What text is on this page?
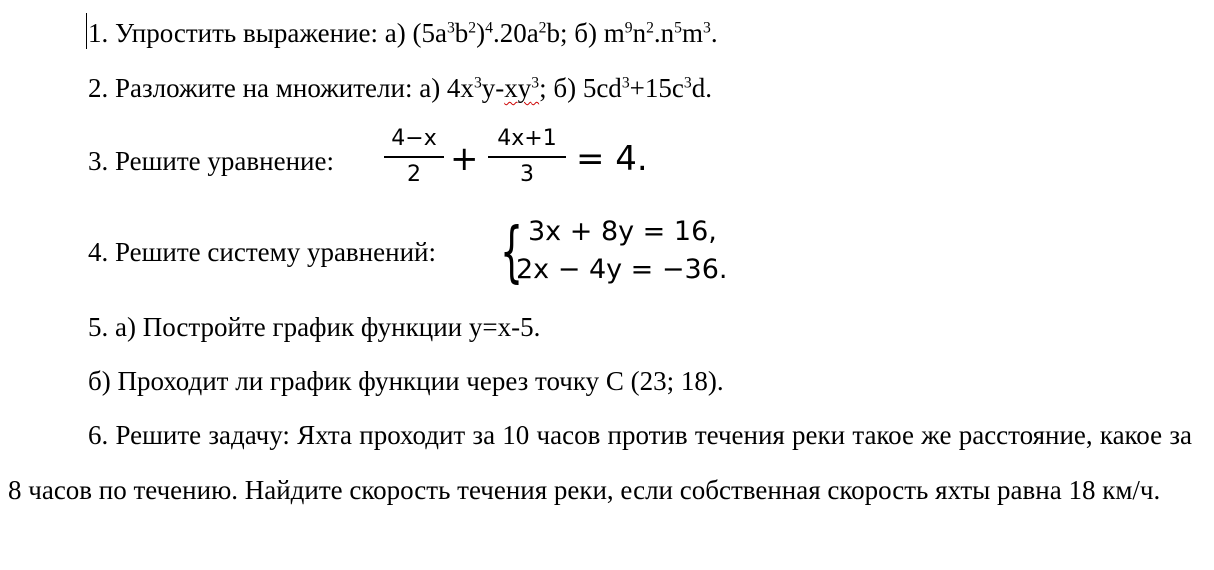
1. Упростить выражение: а) $(5a^3b^2)^4.20a^2b$; б) $m^9n^2.n^5m^3$.
2. Разложите на множители: а) $4x^3y-xy^3$; б) $5cd^3+15c^3d$.
3. Решите уравнение:
4−x
2 +
4x+1
3	= 4.
4. Решите систему уравнений: { 3x + 8y = 16,
2x − 4y = −36.
5. а) Постройте график функции y=x-5.
б) Проходит ли график функции через точку С (23; 18).
6. Решите задачу: Яхта проходит за 10 часов против течения реки такое же расстояние, какое за 8 часов по течению. Найдите скорость течения реки, если собственная скорость яхты равна 18 км/ч.
